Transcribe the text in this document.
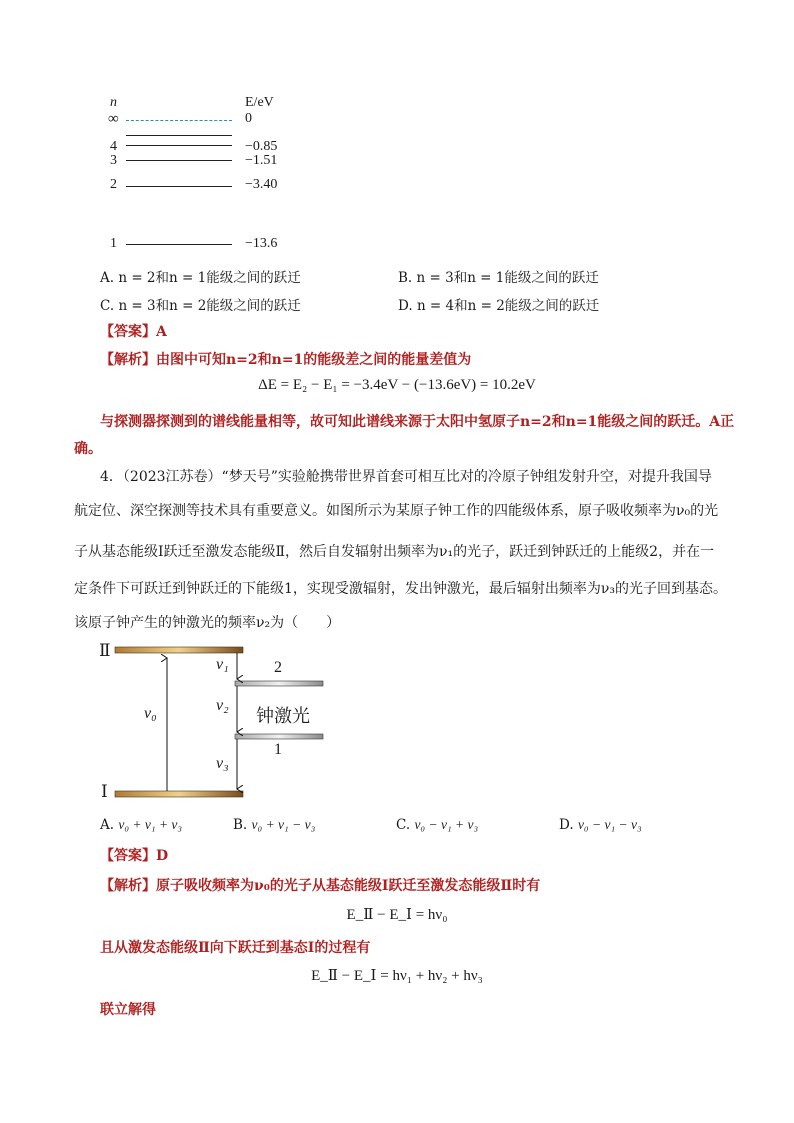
n	E/eV
∞	0
4	−0.85
3	−1.51
2	−3.40
1	−13.6
A. n = 2和n = 1能级之间的跃迁	B. n = 3和n = 1能级之间的跃迁
C. n = 3和n = 2能级之间的跃迁	D. n = 4和n = 2能级之间的跃迁
【答案】A
【解析】由图中可知n=2和n=1的能级差之间的能量差值为
ΔE = E₂ − E₁ = −3.4eV − (−13.6eV) = 10.2eV
与探测器探测到的谱线能量相等，故可知此谱线来源于太阳中氢原子n=2和n=1能级之间的跃迁。A正
确。
4．（2023江苏卷）“梦天号”实验舱携带世界首套可相互比对的冷原子钟组发射升空，对提升我国导
航定位、深空探测等技术具有重要意义。如图所示为某原子钟工作的四能级体系，原子吸收频率为ν₀的光
子从基态能级Ⅰ跃迁至激发态能级Ⅱ，然后自发辐射出频率为ν₁的光子，跃迁到钟跃迁的上能级2，并在一
定条件下可跃迁到钟跃迁的下能级1，实现受激辐射，发出钟激光，最后辐射出频率为ν₃的光子回到基态。
该原子钟产生的钟激光的频率ν₂为（　　）
Ⅱ
Ⅰ
2
1
ν₀
ν₁
ν₂
ν₃
钟激光
A. ν₀ + ν₁ + ν₃	B. ν₀ + ν₁ − ν₃	C. ν₀ − ν₁ + ν₃	D. ν₀ − ν₁ − ν₃
【答案】D
【解析】原子吸收频率为ν₀的光子从基态能级Ⅰ跃迁至激发态能级Ⅱ时有
E_Ⅱ − E_Ⅰ = hν₀
且从激发态能级Ⅱ向下跃迁到基态Ⅰ的过程有
E_Ⅱ − E_Ⅰ = hν₁ + hν₂ + hν₃
联立解得
